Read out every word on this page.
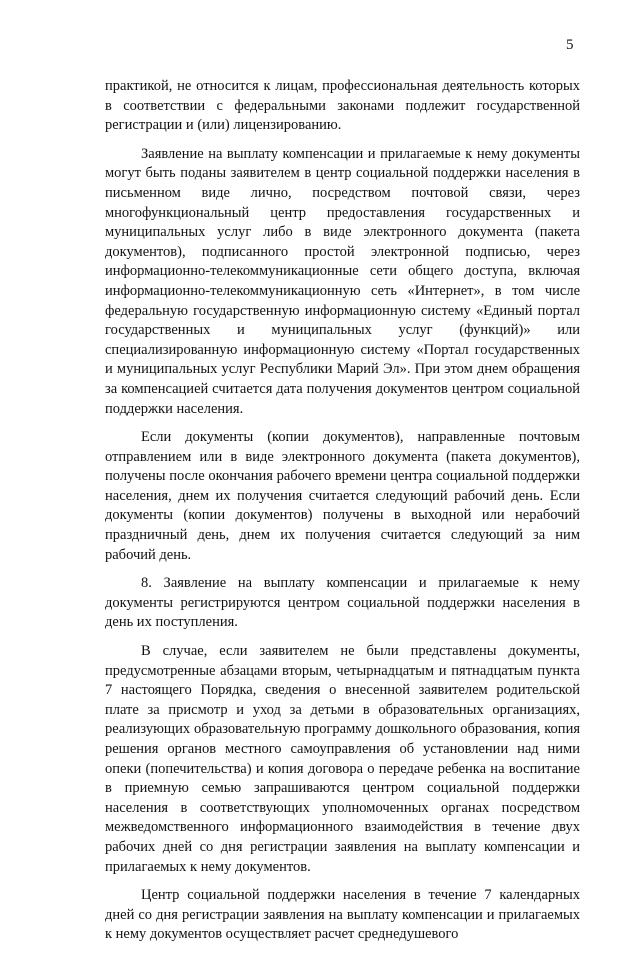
5

практикой, не относится к лицам, профессиональная деятельность которых в соответствии с федеральными законами подлежит государственной регистрации и (или) лицензированию.

Заявление на выплату компенсации и прилагаемые к нему документы могут быть поданы заявителем в центр социальной поддержки населения в письменном виде лично, посредством почтовой связи, через многофункциональный центр предоставления государственных и муниципальных услуг либо в виде электронного документа (пакета документов), подписанного простой электронной подписью, через информационно-телекоммуникационные сети общего доступа, включая информационно-телекоммуникационную сеть «Интернет», в том числе федеральную государственную информационную систему «Единый портал государственных и муниципальных услуг (функций)» или специализированную информационную систему «Портал государственных и муниципальных услуг Республики Марий Эл». При этом днем обращения за компенсацией считается дата получения документов центром социальной поддержки населения.

Если документы (копии документов), направленные почтовым отправлением или в виде электронного документа (пакета документов), получены после окончания рабочего времени центра социальной поддержки населения, днем их получения считается следующий рабочий день. Если документы (копии документов) получены в выходной или нерабочий праздничный день, днем их получения считается следующий за ним рабочий день.

8. Заявление на выплату компенсации и прилагаемые к нему документы регистрируются центром социальной поддержки населения в день их поступления.

В случае, если заявителем не были представлены документы, предусмотренные абзацами вторым, четырнадцатым и пятнадцатым пункта 7 настоящего Порядка, сведения о внесенной заявителем родительской плате за присмотр и уход за детьми в образовательных организациях, реализующих образовательную программу дошкольного образования, копия решения органов местного самоуправления об установлении над ними опеки (попечительства) и копия договора о передаче ребенка на воспитание в приемную семью запрашиваются центром социальной поддержки населения в соответствующих уполномоченных органах посредством межведомственного информационного взаимодействия в течение двух рабочих дней со дня регистрации заявления на выплату компенсации и прилагаемых к нему документов.

Центр социальной поддержки населения в течение 7 календарных дней со дня регистрации заявления на выплату компенсации и прилагаемых к нему документов осуществляет расчет среднедушевого
